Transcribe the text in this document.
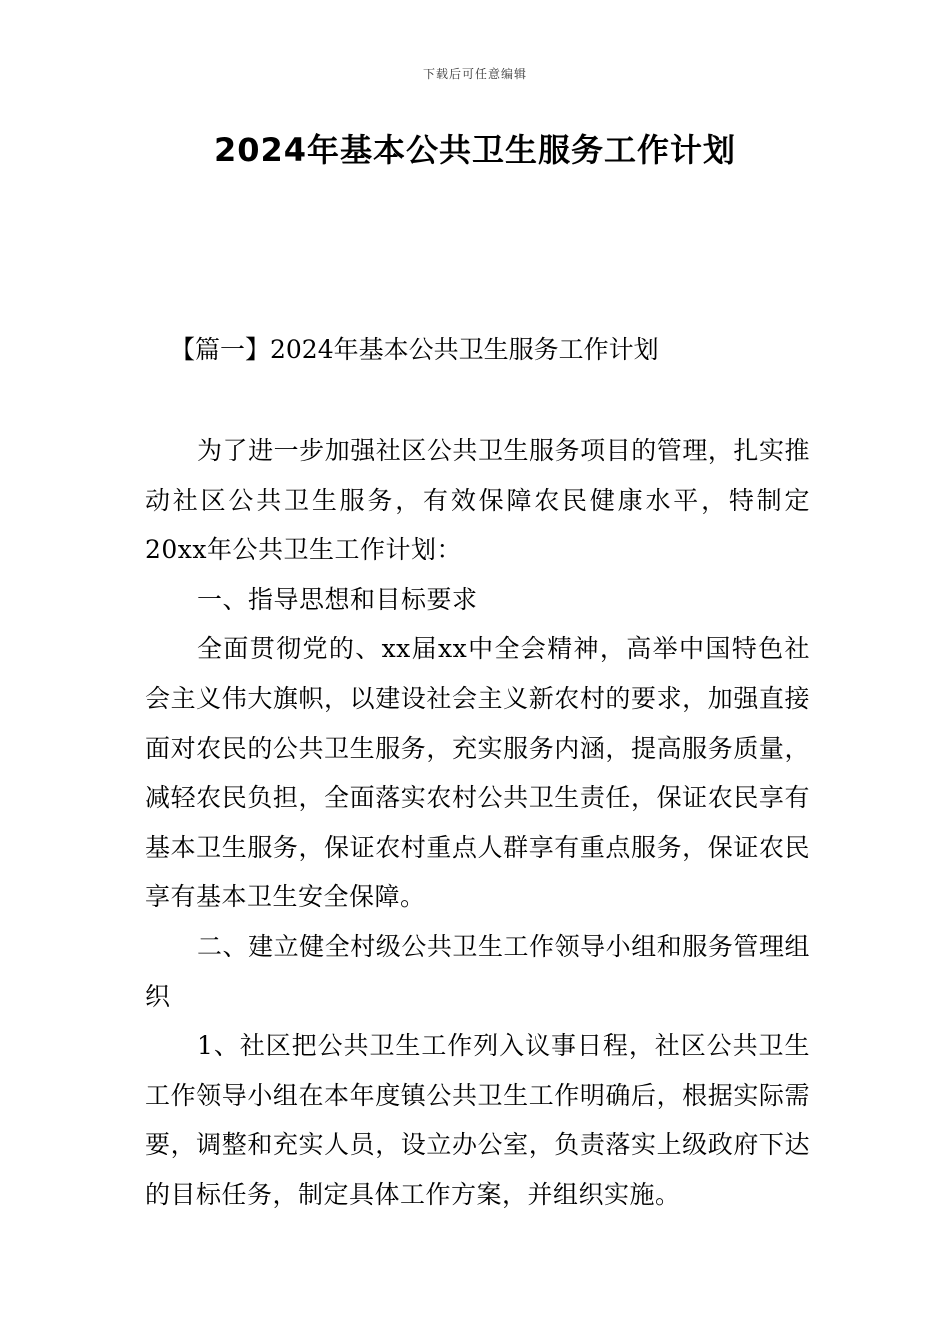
下载后可任意编辑
2024年基本公共卫生服务工作计划
【篇一】2024年基本公共卫生服务工作计划

为了进一步加强社区公共卫生服务项目的管理，扎实推动社区公共卫生服务，有效保障农民健康水平，特制定20xx年公共卫生工作计划：

一、指导思想和目标要求

全面贯彻党的、xx届xx中全会精神，高举中国特色社会主义伟大旗帜，以建设社会主义新农村的要求，加强直接面对农民的公共卫生服务，充实服务内涵，提高服务质量，减轻农民负担，全面落实农村公共卫生责任，保证农民享有基本卫生服务，保证农村重点人群享有重点服务，保证农民享有基本卫生安全保障。

二、建立健全村级公共卫生工作领导小组和服务管理组织

1、社区把公共卫生工作列入议事日程，社区公共卫生工作领导小组在本年度镇公共卫生工作明确后，根据实际需要，调整和充实人员，设立办公室，负责落实上级政府下达的目标任务，制定具体工作方案，并组织实施。
